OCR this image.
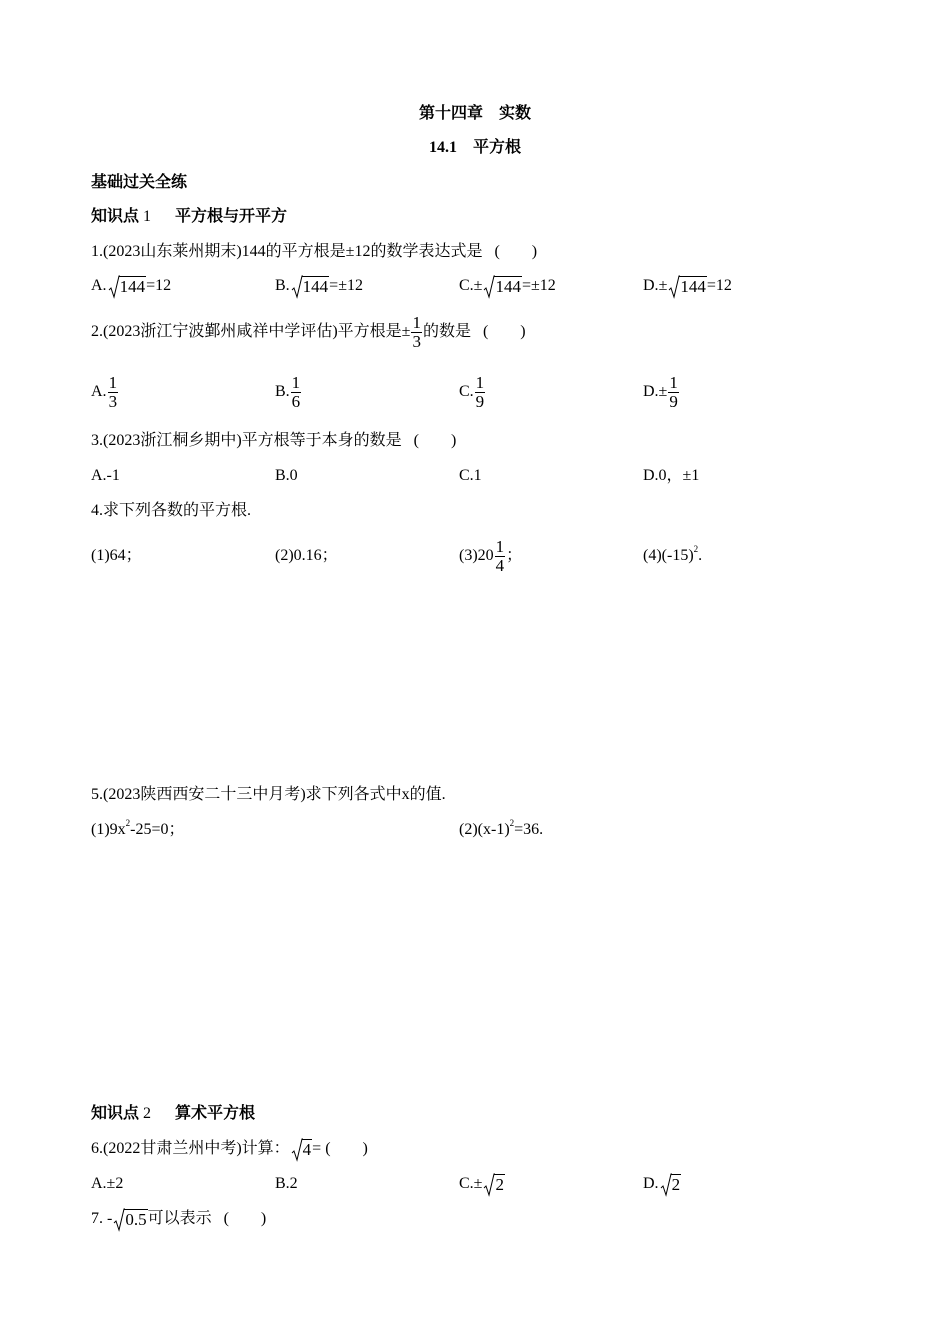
第十四章　实数
14.1　平方根
基础过关全练
知识点 1 平方根与开平方
1.(2023山东莱州期末)144的平方根是±12的数学表达式是 (　　)
A. 144=12	B. 144=±12	C.± 144=±12	D.± 144=12
2.(2023浙江宁波鄞州咸祥中学评估)平方根是± $\frac{1}{3}$ 的数是 (　　)
A. $\frac{1}{3}$	B. $\frac{1}{6}$	C. $\frac{1}{9}$	$D.\pm \frac{1}{9}$
3.(2023浙江桐乡期中)平方根等于本身的数是 (　　)
A.-1	B.0	C.1	D.0，±1
4.求下列各数的平方根.
(1)64；	(2)0.16；	$(3)20 \frac{1}{4}$ ；	$(4)(-15)^2$.
5.(2023陕西西安二十三中月考)求下列各式中x的值.
$(1)9x^2-25=0$；	$(2)(x-1)^2=36$.
知识点 2 算术平方根
6.(2022甘肃兰州中考)计算： 4= (　　)
A.±2	B.2	C.± 2	D. 2
7. - 0.5可以表示 (　　)
